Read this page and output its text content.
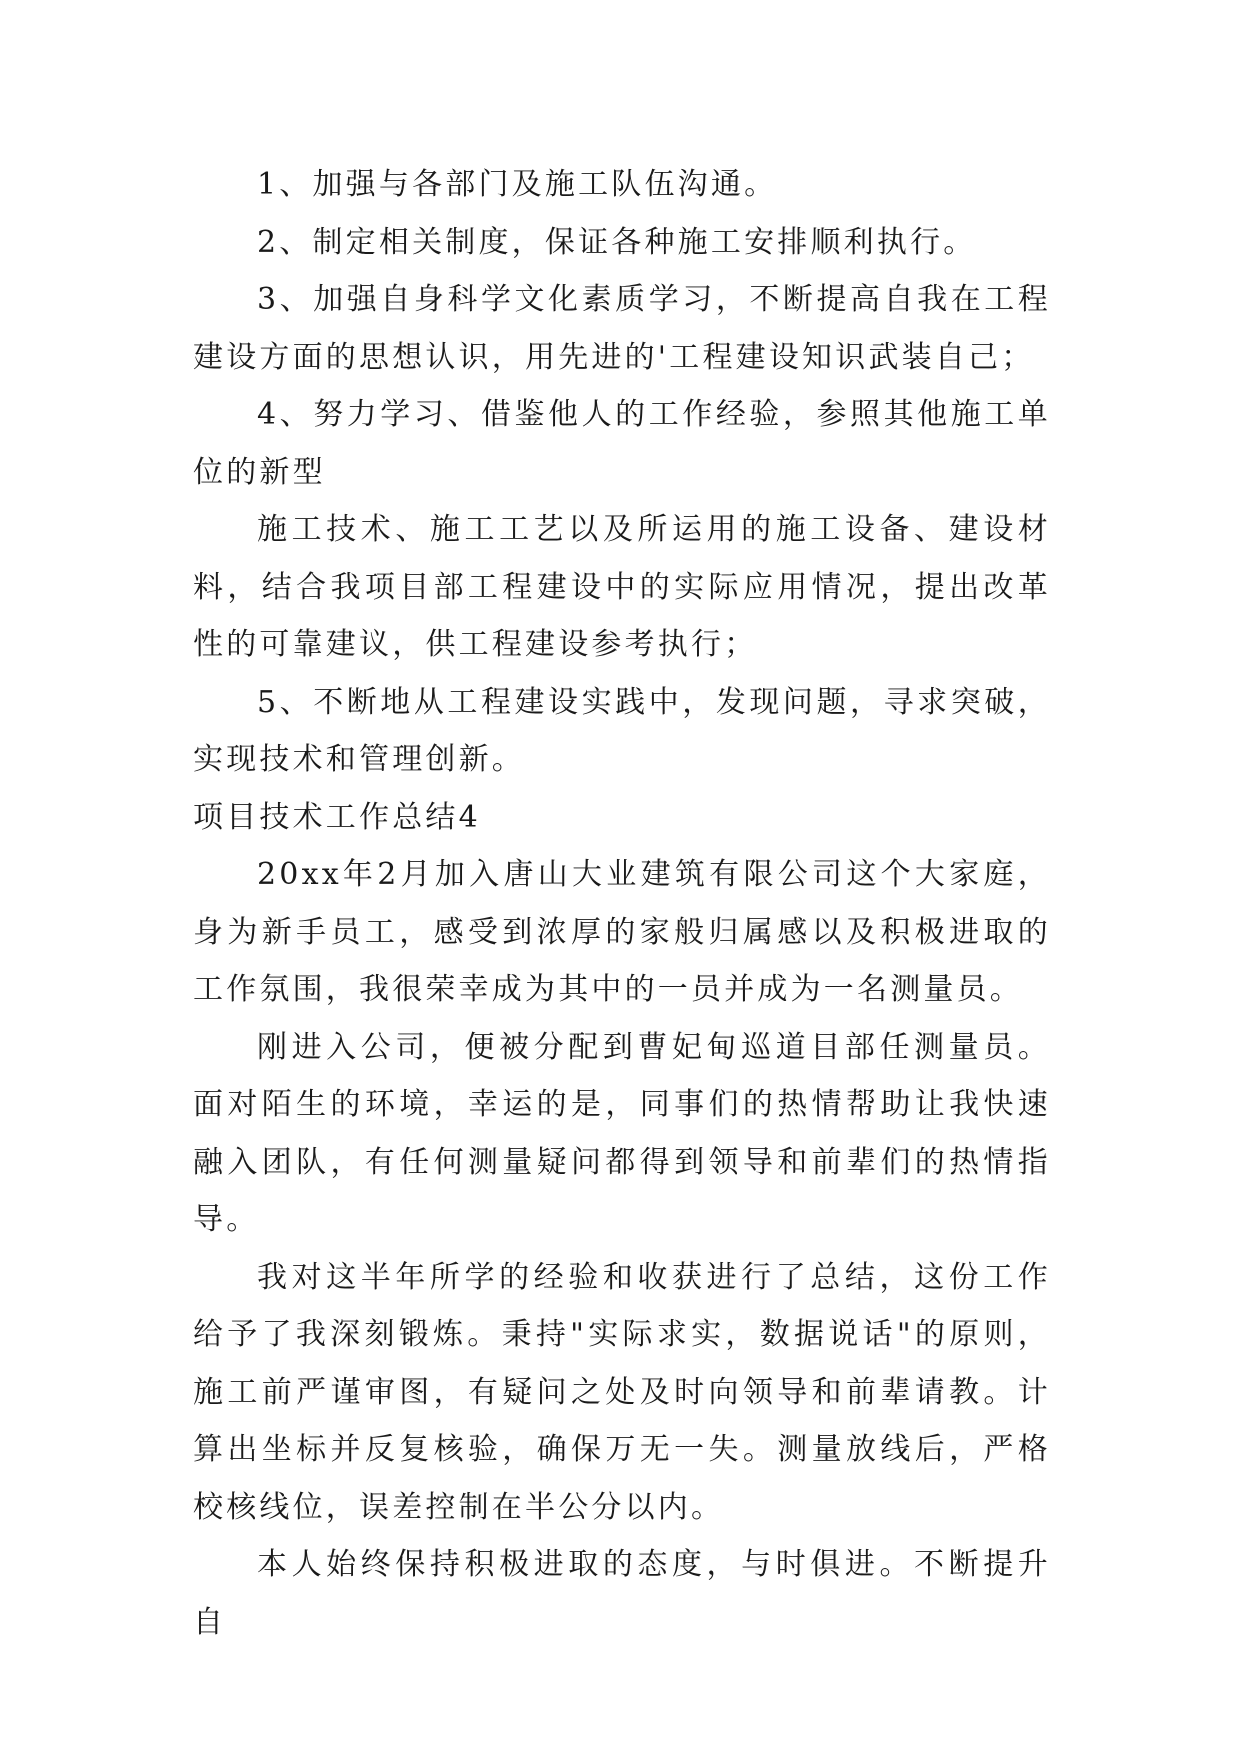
1、加强与各部门及施工队伍沟通。

2、制定相关制度，保证各种施工安排顺利执行。

3、加强自身科学文化素质学习，不断提高自我在工程建设方面的思想认识，用先进的'工程建设知识武装自己；

4、努力学习、借鉴他人的工作经验，参照其他施工单位的新型

施工技术、施工工艺以及所运用的施工设备、建设材料，结合我项目部工程建设中的实际应用情况，提出改革性的可靠建议，供工程建设参考执行；

5、不断地从工程建设实践中，发现问题，寻求突破，实现技术和管理创新。

项目技术工作总结4

20xx年2月加入唐山大业建筑有限公司这个大家庭，身为新手员工，感受到浓厚的家般归属感以及积极进取的工作氛围，我很荣幸成为其中的一员并成为一名测量员。

刚进入公司，便被分配到曹妃甸巡道目部任测量员。面对陌生的环境，幸运的是，同事们的热情帮助让我快速融入团队，有任何测量疑问都得到领导和前辈们的热情指导。

我对这半年所学的经验和收获进行了总结，这份工作给予了我深刻锻炼。秉持"实际求实，数据说话"的原则，施工前严谨审图，有疑问之处及时向领导和前辈请教。计算出坐标并反复核验，确保万无一失。测量放线后，严格校核线位，误差控制在半公分以内。

本人始终保持积极进取的态度，与时俱进。不断提升自
